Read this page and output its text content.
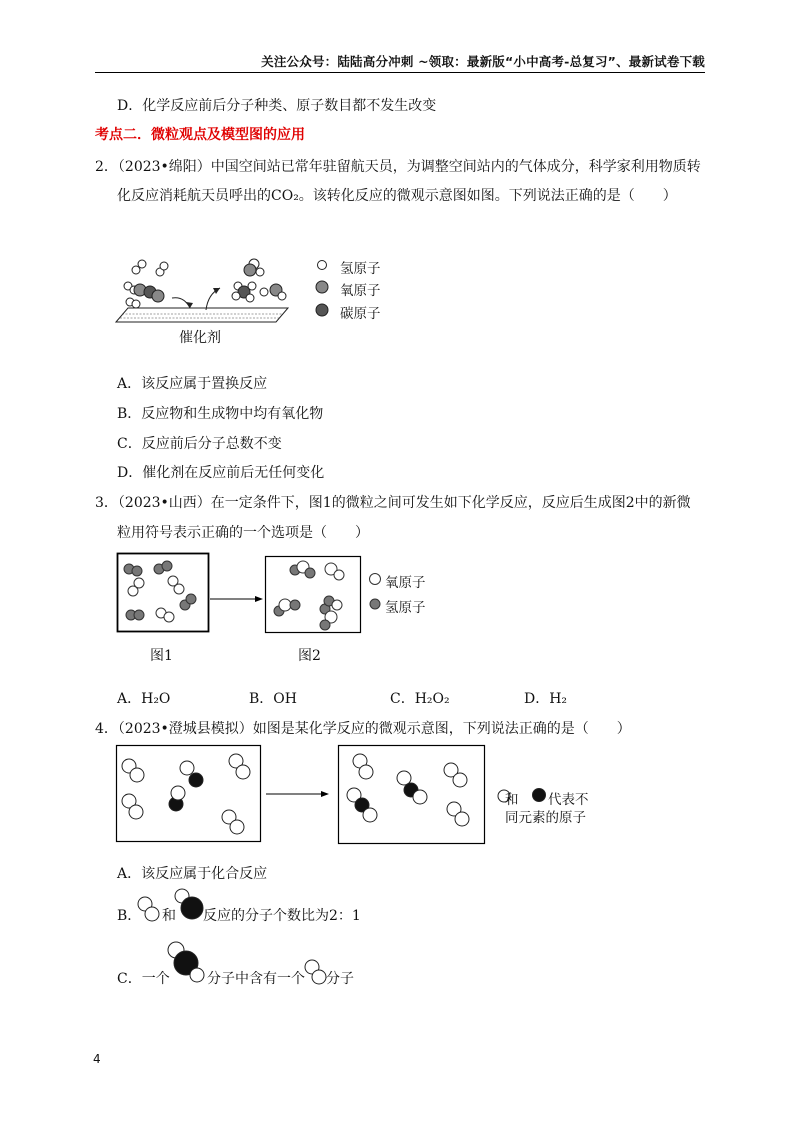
关注公众号：陆陆高分冲刺 ~领取：最新版“小中高考-总复习”、最新试卷下载
D．化学反应前后分子种类、原子数目都不发生改变
考点二．微粒观点及模型图的应用
2．（2023•绵阳）中国空间站已常年驻留航天员，为调整空间站内的气体成分，科学家利用物质转
化反应消耗航天员呼出的CO₂。该转化反应的微观示意图如图。下列说法正确的是（　　）
氢原子
氧原子
碳原子
催化剂
A．该反应属于置换反应
B．反应物和生成物中均有氧化物
C．反应前后分子总数不变
D．催化剂在反应前后无任何变化
3．（2023•山西）在一定条件下，图1的微粒之间可发生如下化学反应，反应后生成图2中的新微
粒用符号表示正确的一个选项是（　　）
氧原子
氢原子
图1	图2
A．H₂O	B．OH	C．H₂O₂	D．H₂
4．（2023•澄城县模拟）如图是某化学反应的微观示意图，下列说法正确的是（　　）
和 代表不
同元素的原子
A．该反应属于化合反应
B． 和 反应的分子个数比为2：1
C．一个	分子中含有一个 分子
4
